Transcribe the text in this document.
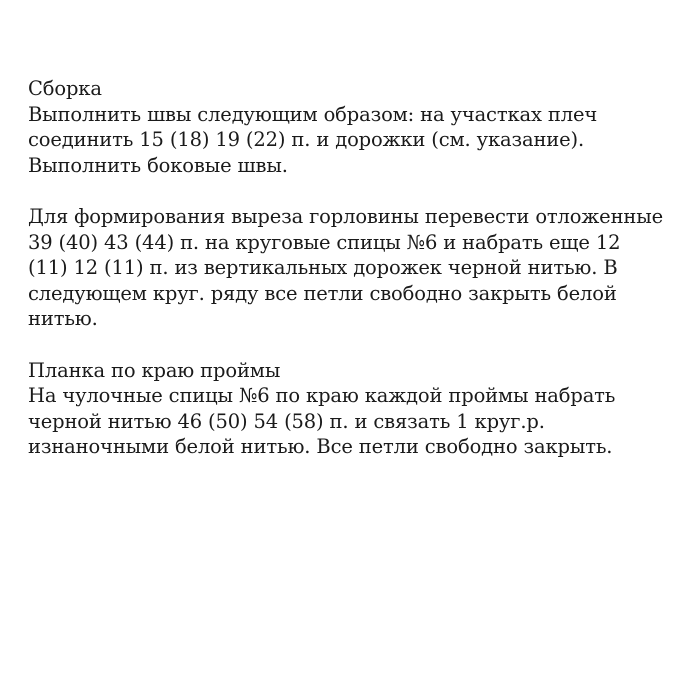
Сборка
Выполнить швы следующим образом: на участках плеч
соединить 15 (18) 19 (22) п. и дорожки (см. указание).
Выполнить боковые швы.
Для формирования выреза горловины перевести отложенные
39 (40) 43 (44) п. на круговые спицы №6 и набрать еще 12
(11) 12 (11) п. из вертикальных дорожек черной нитью. В
следующем круг. ряду все петли свободно закрыть белой
нитью.
Планка по краю проймы
На чулочные спицы №6 по краю каждой проймы набрать
черной нитью 46 (50) 54 (58) п. и связать 1 круг.р.
изнаночными белой нитью. Все петли свободно закрыть.
